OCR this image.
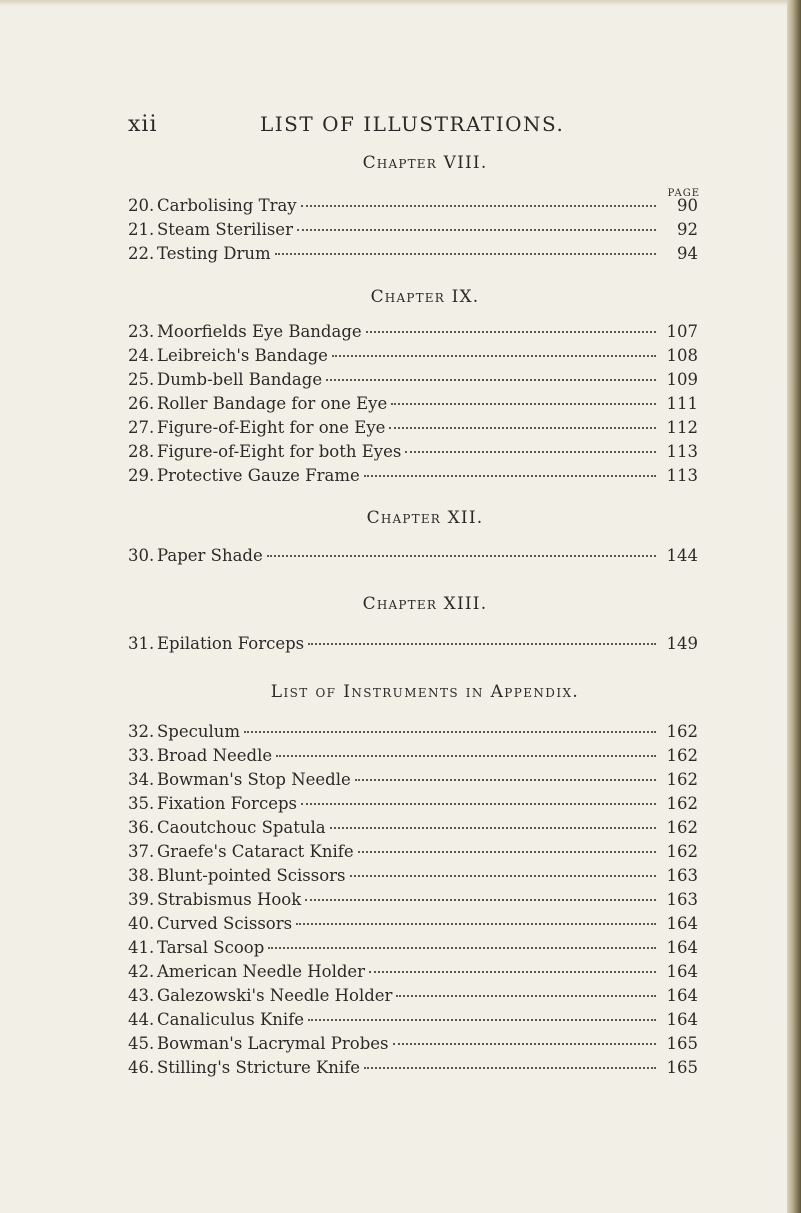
xii	LIST OF ILLUSTRATIONS.
Chapter VIII.
PAGE
20. Carbolising Tray	90
21. Steam Steriliser	92
22. Testing Drum	94
Chapter IX.
23. Moorfields Eye Bandage	107
24. Leibreich's Bandage	108
25. Dumb-bell Bandage	109
26. Roller Bandage for one Eye	111
27. Figure-of-Eight for one Eye	112
28. Figure-of-Eight for both Eyes	113
29. Protective Gauze Frame	113
Chapter XII.
30. Paper Shade	144
Chapter XIII.
31. Epilation Forceps	149
List of Instruments in Appendix.
32. Speculum	162
33. Broad Needle	162
34. Bowman's Stop Needle	162
35. Fixation Forceps	162
36. Caoutchouc Spatula	162
37. Graefe's Cataract Knife	162
38. Blunt-pointed Scissors	163
39. Strabismus Hook	163
40. Curved Scissors	164
41. Tarsal Scoop	164
42. American Needle Holder	164
43. Galezowski's Needle Holder	164
44. Canaliculus Knife	164
45. Bowman's Lacrymal Probes	165
46. Stilling's Stricture Knife	165
